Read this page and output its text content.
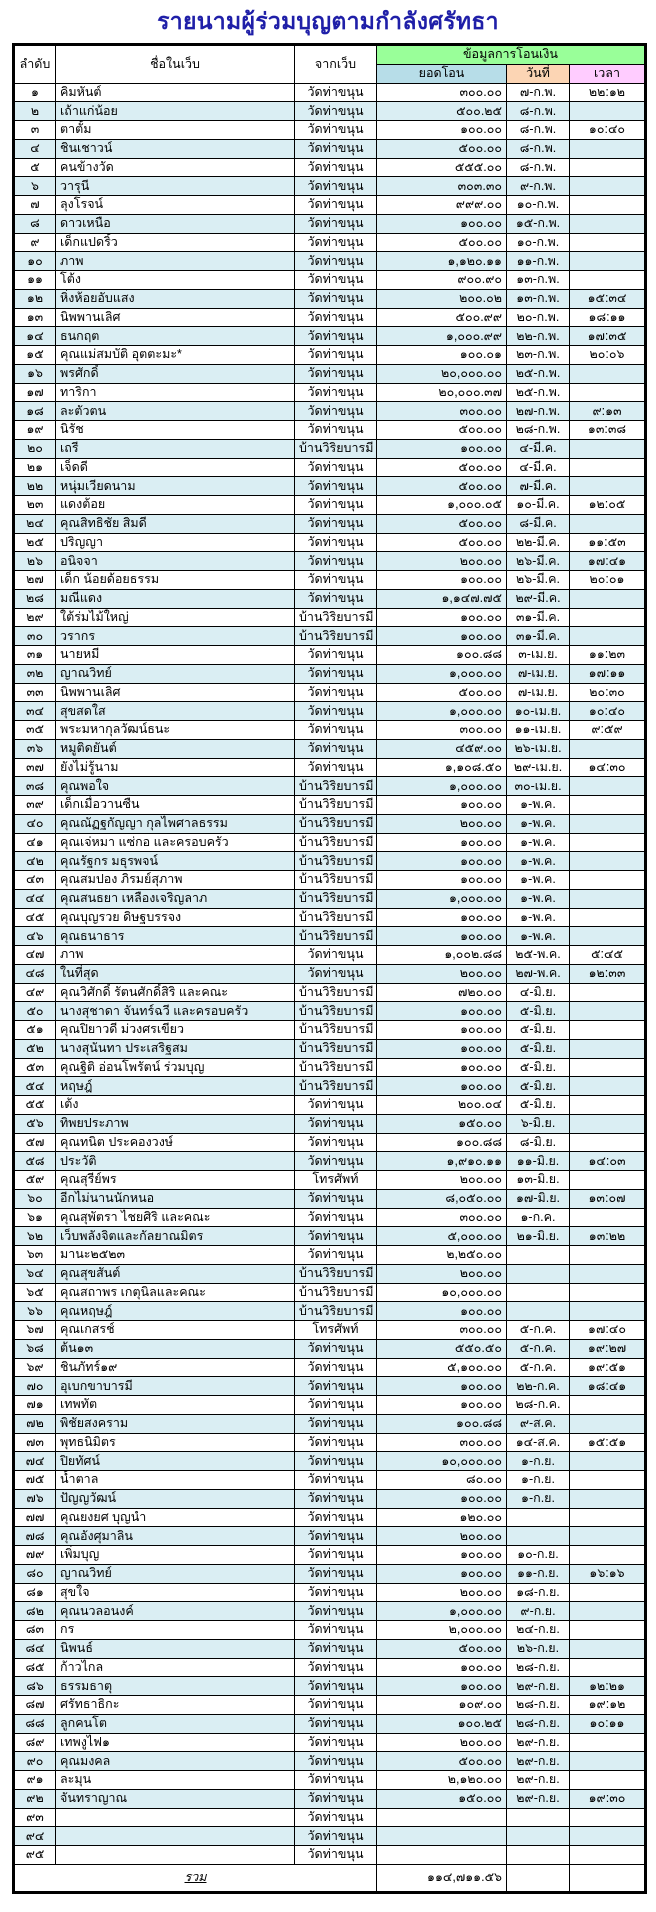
รายนามผู้ร่วมบุญตามกำลังศรัทธา
ลำดับ	ชื่อในเว็บ	จากเว็บ	ข้อมูลการโอนเงิน		
			ยอดโอน	วันที่	เวลา
๑	คิมหันต์	วัดท่าขนุน	๓๐๐.๐๐	๗-ก.พ.	๒๒:๑๒
๒	เถ้าแก่น้อย	วัดท่าขนุน	๕๐๐.๒๕	๘-ก.พ.	
๓	ตาตั้ม	วัดท่าขนุน	๑๐๐.๐๐	๘-ก.พ.	๑๐:๔๐
๔	ชินเชาวน์	วัดท่าขนุน	๕๐๐.๐๐	๘-ก.พ.	
๕	คนข้างวัด	วัดท่าขนุน	๕๕๕.๐๐	๘-ก.พ.	
๖	วารุนี	วัดท่าขนุน	๓๐๓.๓๐	๙-ก.พ.	
๗	ลุงโรจน์	วัดท่าขนุน	๙๙๙.๐๐	๑๐-ก.พ.	
๘	ดาวเหนือ	วัดท่าขนุน	๑๐๐.๐๐	๑๕-ก.พ.	
๙	เด็กแปดริ้ว	วัดท่าขนุน	๕๐๐.๐๐	๑๐-ก.พ.	
๑๐	ภาพ	วัดท่าขนุน	๑,๑๒๐.๑๑	๑๑-ก.พ.	
๑๑	โต้ง	วัดท่าขนุน	๙๐๐.๙๐	๑๓-ก.พ.	
๑๒	หิ่งห้อยอับแสง	วัดท่าขนุน	๒๐๐.๐๒	๑๓-ก.พ.	๑๕:๓๔
๑๓	นิพพานเลิศ	วัดท่าขนุน	๕๐๐.๙๙	๒๐-ก.พ.	๑๘:๑๑
๑๔	ธนกฤต	วัดท่าขนุน	๑,๐๐๐.๙๙	๒๒-ก.พ.	๑๗:๓๕
๑๕	คุณแม่สมบัติ อุตตะมะ*	วัดท่าขนุน	๑๐๐.๐๑	๒๓-ก.พ.	๒๐:๐๖
๑๖	พรศักดิ์	วัดท่าขนุน	๒๐,๐๐๐.๐๐	๒๕-ก.พ.	
๑๗	ทาริกา	วัดท่าขนุน	๒๐,๐๐๐.๓๗	๒๕-ก.พ.	
๑๘	ละตัวตน	วัดท่าขนุน	๓๐๐.๐๐	๒๗-ก.พ.	๙:๑๓
๑๙	นิรัช	วัดท่าขนุน	๕๐๐.๐๐	๒๘-ก.พ.	๑๓:๓๘
๒๐	เถรี	บ้านวิริยบารมี	๑๐๐.๐๐	๔-มี.ค.	
๒๑	เจ็ดดี	วัดท่าขนุน	๕๐๐.๐๐	๔-มี.ค.	
๒๒	หนุ่มเวียดนาม	วัดท่าขนุน	๕๐๐.๐๐	๗-มี.ค.	
๒๓	แดงต้อย	วัดท่าขนุน	๑,๐๐๐.๐๕	๑๐-มี.ค.	๑๒:๐๕
๒๔	คุณสิทธิชัย สิมดี	วัดท่าขนุน	๕๐๐.๐๐	๘-มี.ค.	
๒๕	ปริญญา	วัดท่าขนุน	๕๐๐.๐๐	๒๒-มี.ค.	๑๑:๕๓
๒๖	อนิจจา	วัดท่าขนุน	๒๐๐.๐๐	๒๖-มี.ค.	๑๗:๔๑
๒๗	เด็ก น้อยด้อยธรรม	วัดท่าขนุน	๑๐๐.๐๐	๒๖-มี.ค.	๒๐:๐๑
๒๘	มณีแดง	วัดท่าขนุน	๑,๑๔๗.๗๕	๒๙-มี.ค.	
๒๙	ใต้ร่มไม้ใหญ่	บ้านวิริยบารมี	๑๐๐.๐๐	๓๑-มี.ค.	
๓๐	วรากร	บ้านวิริยบารมี	๑๐๐.๐๐	๓๑-มี.ค.	
๓๑	นายหมี	วัดท่าขนุน	๑๐๐.๘๘	๓-เม.ย.	๑๑:๒๓
๓๒	ญาณวิทย์	วัดท่าขนุน	๑,๐๐๐.๐๐	๗-เม.ย.	๑๗:๑๑
๓๓	นิพพานเลิศ	วัดท่าขนุน	๕๐๐.๐๐	๗-เม.ย.	๒๐:๓๐
๓๔	สุขสดใส	วัดท่าขนุน	๑,๐๐๐.๐๐	๑๐-เม.ย.	๑๐:๔๐
๓๕	พระมหากุลวัฒน์ธนะ	วัดท่าขนุน	๓๐๐.๐๐	๑๑-เม.ย.	๙:๕๙
๓๖	หมูติดยันต์	วัดท่าขนุน	๔๕๙.๐๐	๒๖-เม.ย.	
๓๗	ยังไม่รู้นาม	วัดท่าขนุน	๑,๑๐๘.๕๐	๒๙-เม.ย.	๑๔:๓๐
๓๘	คุณพอใจ	บ้านวิริยบารมี	๑,๐๐๐.๐๐	๓๐-เม.ย.	
๓๙	เด็กเมื่อวานซืน	บ้านวิริยบารมี	๑๐๐.๐๐	๑-พ.ค.	
๔๐	คุณณัฏฐกัญญา กุลไพศาลธรรม	บ้านวิริยบารมี	๒๐๐.๐๐	๑-พ.ค.	
๔๑	คุณเจ่หมา แซ่กอ และครอบครัว	บ้านวิริยบารมี	๑๐๐.๐๐	๑-พ.ค.	
๔๒	คุณรัฐกร มธุรพจน์	บ้านวิริยบารมี	๑๐๐.๐๐	๑-พ.ค.	
๔๓	คุณสมปอง ภิรมย์สุภาพ	บ้านวิริยบารมี	๑๐๐.๐๐	๑-พ.ค.	
๔๔	คุณสนธยา เหลืองเจริญลาภ	บ้านวิริยบารมี	๑,๐๐๐.๐๐	๑-พ.ค.	
๔๕	คุณบุญรวย ดิษฐบรรจง	บ้านวิริยบารมี	๑๐๐.๐๐	๑-พ.ค.	
๔๖	คุณธนาธาร	บ้านวิริยบารมี	๑๐๐.๐๐	๑-พ.ค.	
๔๗	ภาพ	วัดท่าขนุน	๑,๐๐๒.๘๘	๒๕-พ.ค.	๕:๔๕
๔๘	ในที่สุด	วัดท่าขนุน	๒๐๐.๐๐	๒๗-พ.ค.	๑๒:๓๓
๔๙	คุณวิศักดิ์ รัตนศักดิ์สิริ และคณะ	บ้านวิริยบารมี	๗๒๐.๐๐	๔-มิ.ย.	
๕๐	นางสุชาดา จันทร์ฉวี และครอบครัว	บ้านวิริยบารมี	๑๐๐.๐๐	๕-มิ.ย.	
๕๑	คุณปิยาวดี ม่วงศรเขียว	บ้านวิริยบารมี	๑๐๐.๐๐	๕-มิ.ย.	
๕๒	นางสุนันทา ประเสริฐสม	บ้านวิริยบารมี	๑๐๐.๐๐	๕-มิ.ย.	
๕๓	คุณฐิติ อ่อนโพรัตน์ ร่วมบุญ	บ้านวิริยบารมี	๑๐๐.๐๐	๕-มิ.ย.	
๕๔	หฤษฎ์	บ้านวิริยบารมี	๑๐๐.๐๐	๕-มิ.ย.	
๕๕	เต้ง	วัดท่าขนุน	๒๐๐.๐๔	๕-มิ.ย.	
๕๖	ทิพยประภาพ	วัดท่าขนุน	๑๕๐.๐๐	๖-มิ.ย.	
๕๗	คุณทนิต ประคองวงษ์	วัดท่าขนุน	๑๐๐.๘๘	๘-มิ.ย.	
๕๘	ประวัติ	วัดท่าขนุน	๑,๙๑๐.๑๑	๑๑-มิ.ย.	๑๔:๐๓
๕๙	คุณสุรีย์พร	โทรศัพท์	๒๐๐.๐๐	๑๓-มิ.ย.	
๖๐	อีกไม่นานนักหนอ	วัดท่าขนุน	๘,๐๕๐.๐๐	๑๗-มิ.ย.	๑๓:๐๗
๖๑	คุณสุพัตรา ไชยศิริ และคณะ	วัดท่าขนุน	๓๐๐.๐๐	๑-ก.ค.	
๖๒	เว็บพลังจิตและกัลยาณมิตร	วัดท่าขนุน	๕,๐๐๐.๐๐	๒๑-มิ.ย.	๑๓:๒๒
๖๓	มานะ๒๕๒๓	วัดท่าขนุน	๒,๒๕๐.๐๐		
๖๔	คุณสุขสันต์	บ้านวิริยบารมี	๒๐๐.๐๐		
๖๕	คุณสถาพร เกตุนิลและคณะ	บ้านวิริยบารมี	๑๐,๐๐๐.๐๐		
๖๖	คุณหฤษฎ์	บ้านวิริยบารมี	๑๐๐.๐๐		
๖๗	คุณเกสรช์	โทรศัพท์	๓๐๐.๐๐	๕-ก.ค.	๑๗:๔๐
๖๘	ต้น๑๓	วัดท่าขนุน	๕๕๐.๕๐	๕-ก.ค.	๑๙:๒๗
๖๙	ชินภัทร์๑๙	วัดท่าขนุน	๕,๑๐๐.๐๐	๕-ก.ค.	๑๙:๕๑
๗๐	อุเบกขาบารมี	วัดท่าขนุน	๑๐๐.๐๐	๒๒-ก.ค.	๑๘:๔๑
๗๑	เทพทัต	วัดท่าขนุน	๑๐๐.๐๐	๒๘-ก.ค.	
๗๒	พิชัยสงคราม	วัดท่าขนุน	๑๐๐.๘๘	๙-ส.ค.	
๗๓	พุทธนิมิตร	วัดท่าขนุน	๓๐๐.๐๐	๑๔-ส.ค.	๑๕:๕๑
๗๔	ปิยทัศน์	วัดท่าขนุน	๑๐,๐๐๐.๐๐	๑-ก.ย.	
๗๕	น้ำตาล	วัดท่าขนุน	๘๐.๐๐	๑-ก.ย.	
๗๖	ปัญญวัฒน์	วัดท่าขนุน	๑๐๐.๐๐	๑-ก.ย.	
๗๗	คุณยงยศ บุญนำ	วัดท่าขนุน	๑๒๐.๐๐		
๗๘	คุณอังศุมาลิน	วัดท่าขนุน	๒๐๐.๐๐		
๗๙	เพิ่มบุญ	วัดท่าขนุน	๑๐๐.๐๐	๑๐-ก.ย.	
๘๐	ญาณวิทย์	วัดท่าขนุน	๑๐๐.๐๐	๑๑-ก.ย.	๑๖:๑๖
๘๑	สุขใจ	วัดท่าขนุน	๒๐๐.๐๐	๑๘-ก.ย.	
๘๒	คุณนวลอนงค์	วัดท่าขนุน	๑,๐๐๐.๐๐	๙-ก.ย.	
๘๓	กร	วัดท่าขนุน	๒,๐๐๐.๐๐	๒๔-ก.ย.	
๘๔	นิพนธ์	วัดท่าขนุน	๕๐๐.๐๐	๒๖-ก.ย.	
๘๕	ก้าวไกล	วัดท่าขนุน	๑๐๐.๐๐	๒๘-ก.ย.	
๘๖	ธรรมธาตุ	วัดท่าขนุน	๑๐๐.๐๐	๒๙-ก.ย.	๑๒:๒๑
๘๗	ศรัทธาธิกะ	วัดท่าขนุน	๑๐๙.๐๐	๒๘-ก.ย.	๑๙:๑๒
๘๘	ลูกคนโต	วัดท่าขนุน	๑๐๐.๒๕	๒๘-ก.ย.	๑๐:๑๑
๘๙	เทพงูไฟ๑	วัดท่าขนุน	๒๐๐.๐๐	๒๙-ก.ย.	
๙๐	คุณมงคล	วัดท่าขนุน	๕๐๐.๐๐	๒๙-ก.ย.	
๙๑	ละมุน	วัดท่าขนุน	๒,๑๒๐.๐๐	๒๙-ก.ย.	
๙๒	จันทราญาณ	วัดท่าขนุน	๑๕๐.๐๐	๒๙-ก.ย.	๑๙:๓๐
๙๓		วัดท่าขนุน			
๙๔		วัดท่าขนุน			
๙๕		วัดท่าขนุน			
รวม			๑๑๔,๗๑๑.๕๖		
